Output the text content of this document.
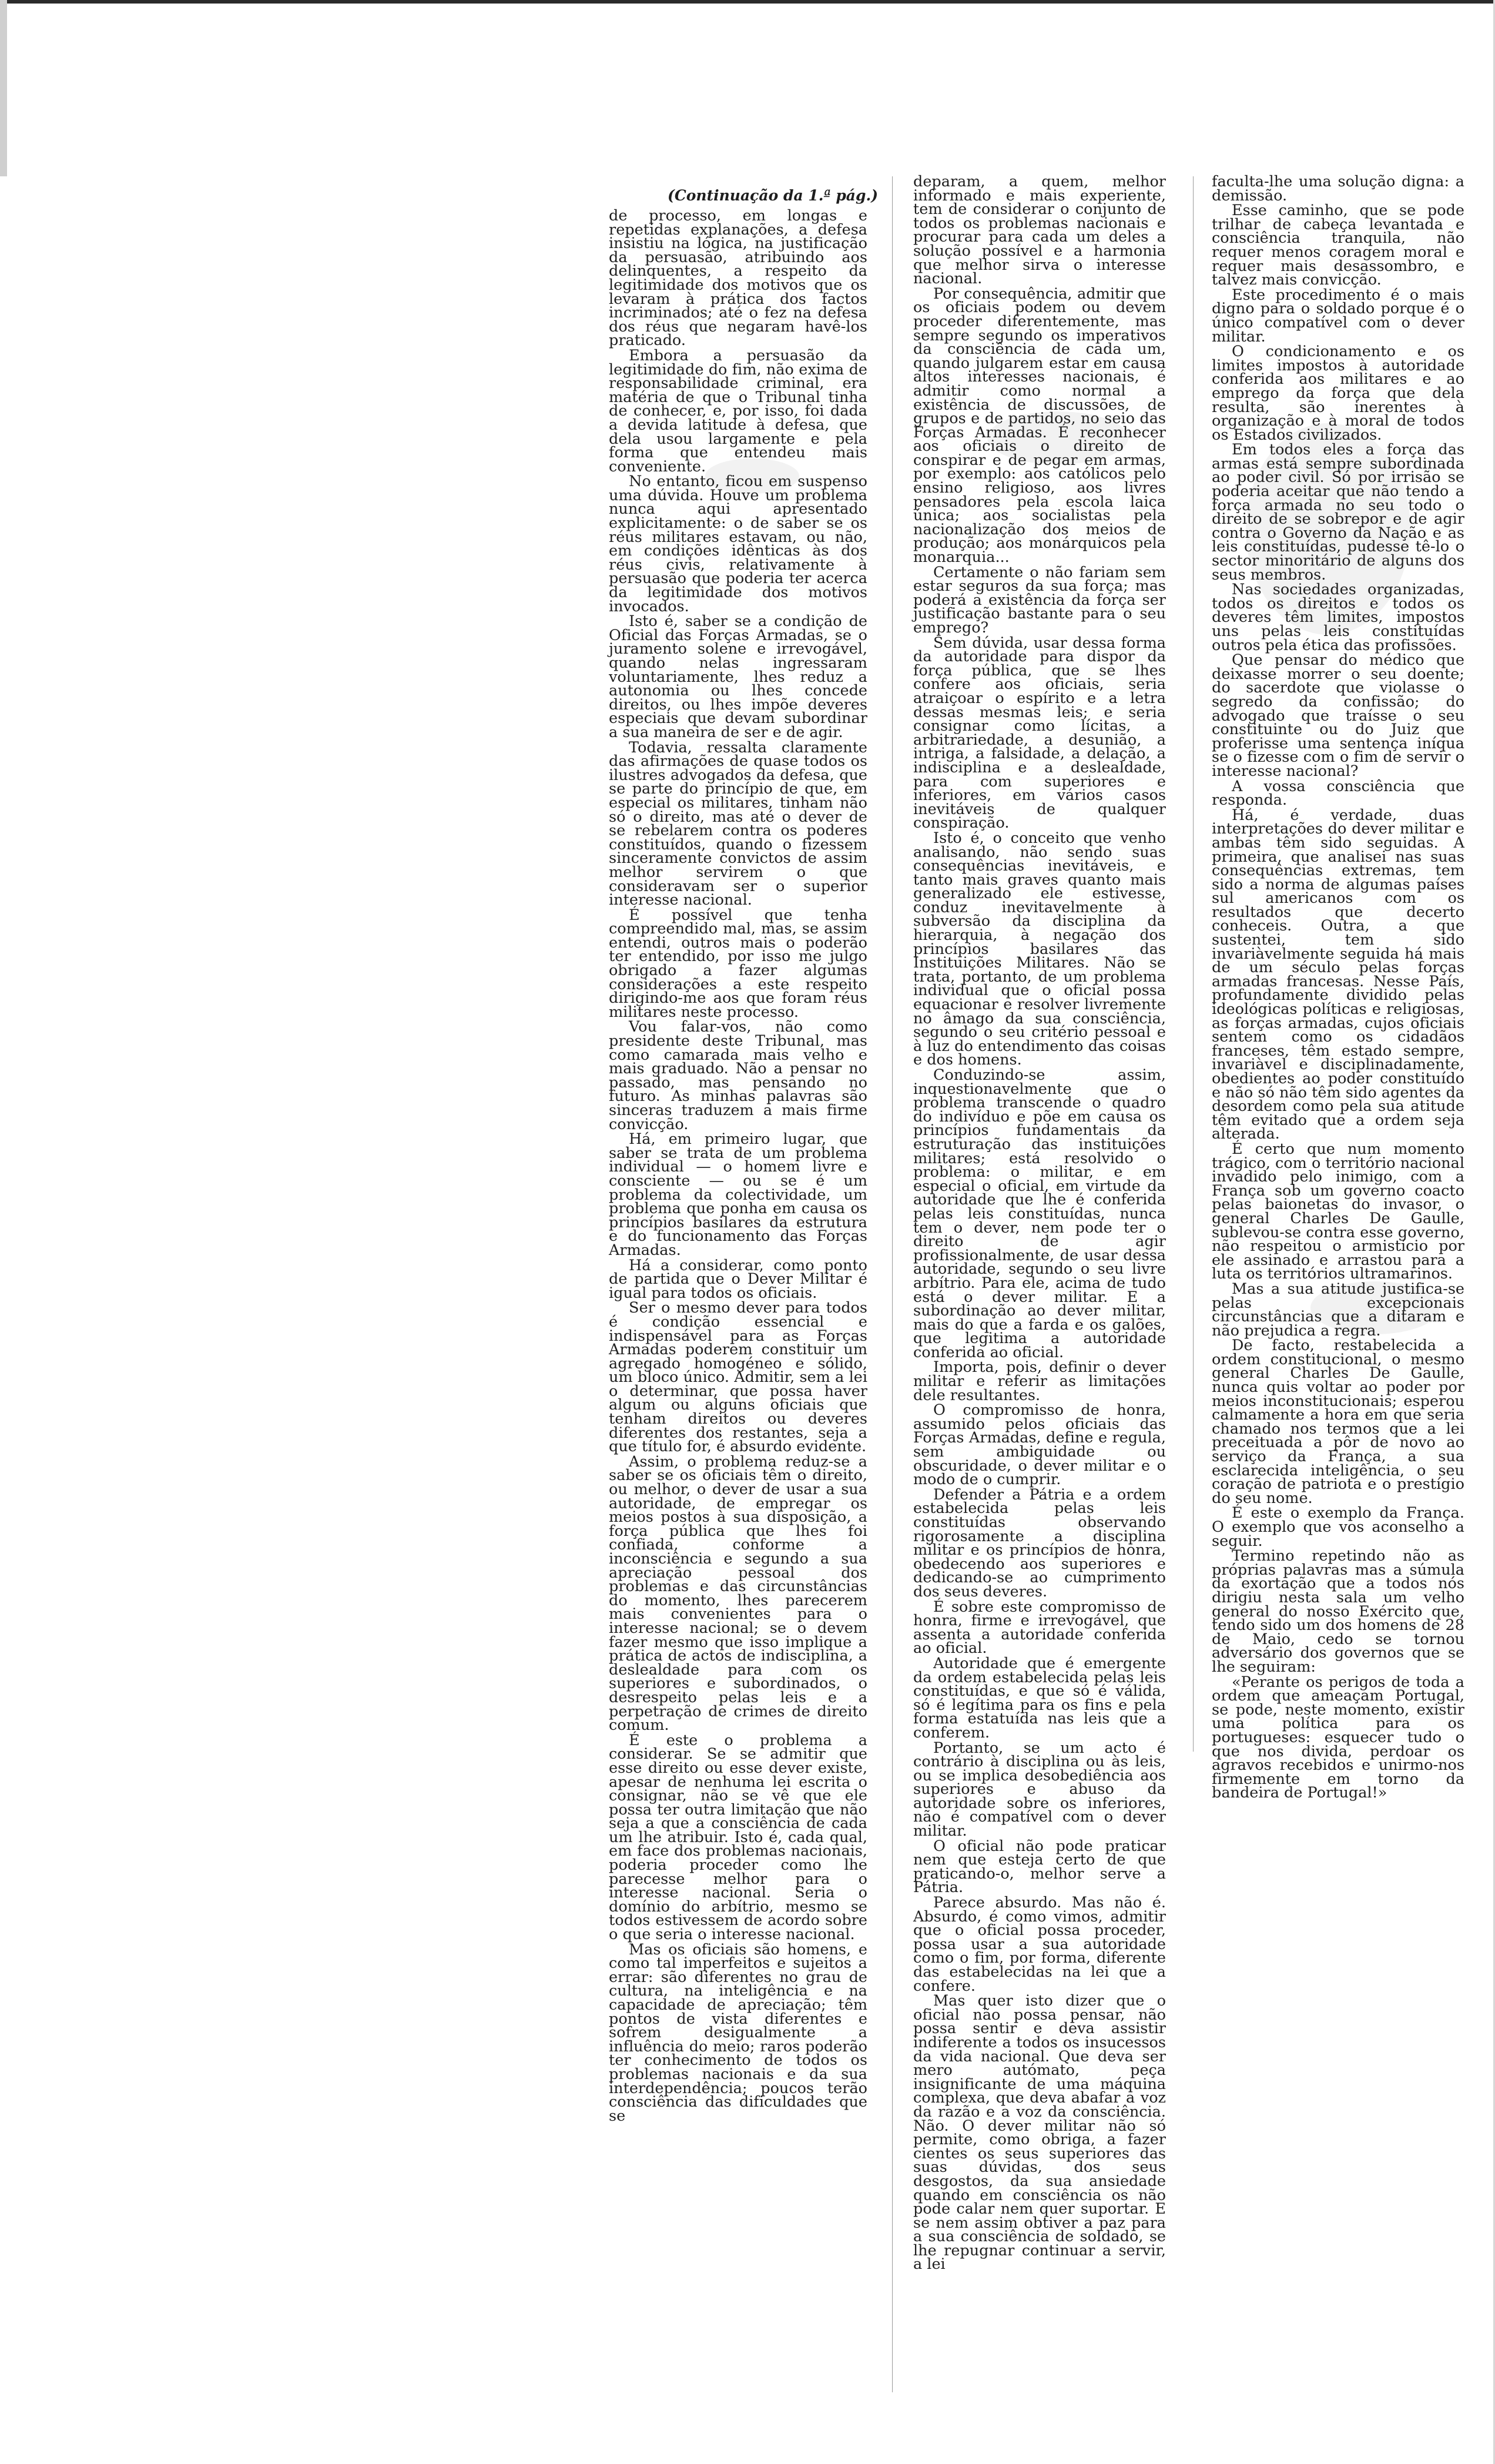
(Continuação da 1.ª pág.)

de processo, em longas e repetidas explanações, a defesa insistiu na lógica, na justificação da persuasão, atribuindo aos delinquentes, a respeito da legitimidade dos motivos que os levaram à prática dos factos incriminados; até o fez na defesa dos réus que negaram havê-los praticado.

Embora a persuasão da legitimidade do fim, não exima de responsabilidade criminal, era matéria de que o Tribunal tinha de conhecer, e, por isso, foi dada a devida latitude à defesa, que dela usou largamente e pela forma que entendeu mais conveniente.

No entanto, ficou em suspenso uma dúvida. Houve um problema nunca aqui apresentado explicitamente: o de saber se os réus militares estavam, ou não, em condições idênticas às dos réus civis, relativamente à persuasão que poderia ter acerca da legitimidade dos motivos invocados.

Isto é, saber se a condição de Oficial das Forças Armadas, se o juramento solene e irrevogável, quando nelas ingressaram voluntariamente, lhes reduz a autonomia ou lhes concede direitos, ou lhes impõe deveres especiais que devam subordinar a sua maneira de ser e de agir.

Todavia, ressalta claramente das afirmações de quase todos os ilustres advogados da defesa, que se parte do princípio de que, em especial os militares, tinham não só o direito, mas até o dever de se rebelarem contra os poderes constituídos, quando o fizessem sinceramente convictos de assim melhor servirem o que consideravam ser o superior interesse nacional.

É possível que tenha compreendido mal, mas, se assim entendi, outros mais o poderão ter entendido, por isso me julgo obrigado a fazer algumas considerações a este respeito dirigindo-me aos que foram réus militares neste processo.

Vou falar-vos, não como presidente deste Tribunal, mas como camarada mais velho e mais graduado. Não a pensar no passado, mas pensando no futuro. As minhas palavras são sinceras traduzem a mais firme convicção.

Há, em primeiro lugar, que saber se trata de um problema individual — o homem livre e consciente — ou se é um problema da colectividade, um problema que ponha em causa os princípios basilares da estrutura e do funcionamento das Forças Armadas.

Há a considerar, como ponto de partida que o Dever Militar é igual para todos os oficiais.

Ser o mesmo dever para todos é condição essencial e indispensável para as Forças Armadas poderem constituir um agregado homogéneo e sólido, um bloco único. Admitir, sem a lei o determinar, que possa haver algum ou alguns oficiais que tenham direitos ou deveres diferentes dos restantes, seja a que título for, é absurdo evidente.

Assim, o problema reduz-se a saber se os oficiais têm o direito, ou melhor, o dever de usar a sua autoridade, de empregar os meios postos à sua disposição, a força pública que lhes foi confiada, conforme a inconsciência e segundo a sua apreciação pessoal dos problemas e das circunstâncias do momento, lhes parecerem mais convenientes para o interesse nacional; se o devem fazer mesmo que isso implique a prática de actos de indisciplina, a deslealdade para com os superiores e subordinados, o desrespeito pelas leis e a perpetração de crimes de direito comum.

É este o problema a considerar. Se se admitir que esse direito ou esse dever existe, apesar de nenhuma lei escrita o consignar, não se vê que ele possa ter outra limitação que não seja a que a consciência de cada um lhe atribuir. Isto é, cada qual, em face dos problemas nacionais, poderia proceder como lhe parecesse melhor para o interesse nacional. Seria o domínio do arbítrio, mesmo se todos estivessem de acordo sobre o que seria o interesse nacional.

Mas os oficiais são homens, e como tal imperfeitos e sujeitos a errar: são diferentes no grau de cultura, na inteligência e na capacidade de apreciação; têm pontos de vista diferentes e sofrem desigualmente a influência do meio; raros poderão ter conhecimento de todos os problemas nacionais e da sua interdependência; poucos terão consciência das dificuldades que se

deparam, a quem, melhor informado e mais experiente, tem de considerar o conjunto de todos os problemas nacionais e procurar para cada um deles a solução possível e a harmonia que melhor sirva o interesse nacional.

Por consequência, admitir que os oficiais podem ou devem proceder diferentemente, mas sempre segundo os imperativos da consciência de cada um, quando julgarem estar em causa altos interesses nacionais, é admitir como normal a existência de discussões, de grupos e de partidos, no seio das Forças Armadas. É reconhecer aos oficiais o direito de conspirar e de pegar em armas, por exemplo: aos católicos pelo ensino religioso, aos livres pensadores pela escola laica única; aos socialistas pela nacionalização dos meios de produção; aos monárquicos pela monarquia...

Certamente o não fariam sem estar seguros da sua força; mas poderá a existência da força ser justificação bastante para o seu emprego?

Sem dúvida, usar dessa forma da autoridade para dispor da força pública, que se lhes confere aos oficiais, seria atraiçoar o espírito e a letra dessas mesmas leis; e seria consignar como lícitas, a arbitrariedade, a desunião, a intriga, a falsidade, a delação, a indisciplina e a deslealdade, para com superiores e inferiores, em vários casos inevitáveis de qualquer conspiração.

Isto é, o conceito que venho analisando, não sendo suas consequências inevitáveis, e tanto mais graves quanto mais generalizado ele estivesse, conduz inevitavelmente à subversão da disciplina da hierarquia, à negação dos princípios basilares das Instituições Militares. Não se trata, portanto, de um problema individual que o oficial possa equacionar e resolver livremente no âmago da sua consciência, segundo o seu critério pessoal e à luz do entendimento das coisas e dos homens.

Conduzindo-se assim, inquestionavelmente que o problema transcende o quadro do indivíduo e põe em causa os princípios fundamentais da estruturação das instituições militares; está resolvido o problema: o militar, e em especial o oficial, em virtude da autoridade que lhe é conferida pelas leis constituídas, nunca tem o dever, nem pode ter o direito de agir profissionalmente, de usar dessa autoridade, segundo o seu livre arbítrio. Para ele, acima de tudo está o dever militar. E a subordinação ao dever militar, mais do que a farda e os galões, que legitima a autoridade conferida ao oficial.

Importa, pois, definir o dever militar e referir as limitações dele resultantes.

O compromisso de honra, assumido pelos oficiais das Forças Armadas, define e regula, sem ambiguidade ou obscuridade, o dever militar e o modo de o cumprir.

Defender a Pátria e a ordem estabelecida pelas leis constituídas observando rigorosamente a disciplina militar e os princípios de honra, obedecendo aos superiores e dedicando-se ao cumprimento dos seus deveres.

É sobre este compromisso de honra, firme e irrevogável, que assenta a autoridade conferida ao oficial.

Autoridade que é emergente da ordem estabelecida pelas leis constituídas, e que só é válida, só é legítima para os fins e pela forma estatuída nas leis que a conferem.

Portanto, se um acto é contrário à disciplina ou às leis, ou se implica desobediência aos superiores e abuso da autoridade sobre os inferiores, não é compatível com o dever militar.

O oficial não pode praticar nem que esteja certo de que praticando-o, melhor serve a Pátria.

Parece absurdo. Mas não é. Absurdo, é como vimos, admitir que o oficial possa proceder, possa usar a sua autoridade como o fim, por forma, diferente das estabelecidas na lei que a confere.

Mas quer isto dizer que o oficial não possa pensar, não possa sentir e deva assistir indiferente a todos os insucessos da vida nacional. Que deva ser mero autómato, peça insignificante de uma máquina complexa, que deva abafar a voz da razão e a voz da consciência. Não. O dever militar não só permite, como obriga, a fazer cientes os seus superiores das suas dúvidas, dos seus desgostos, da sua ansiedade quando em consciência os não pode calar nem quer suportar. E se nem assim obtiver a paz para a sua consciência de soldado, se lhe repugnar continuar a servir, a lei

faculta-lhe uma solução digna: a demissão.

Esse caminho, que se pode trilhar de cabeça levantada e consciência tranquila, não requer menos coragem moral e requer mais desassombro, e talvez mais convicção.

Este procedimento é o mais digno para o soldado porque é o único compatível com o dever militar.

O condicionamento e os limites impostos à autoridade conferida aos militares e ao emprego da força que dela resulta, são inerentes à organização e à moral de todos os Estados civilizados.

Em todos eles a força das armas está sempre subordinada ao poder civil. Só por irrisão se poderia aceitar que não tendo a força armada no seu todo o direito de se sobrepor e de agir contra o Governo da Nação e as leis constituídas, pudesse tê-lo o sector minoritário de alguns dos seus membros.

Nas sociedades organizadas, todos os direitos e todos os deveres têm limites, impostos uns pelas leis constituídas outros pela ética das profissões.

Que pensar do médico que deixasse morrer o seu doente; do sacerdote que violasse o segredo da confissão; do advogado que traísse o seu constituinte ou do Juiz que proferisse uma sentença iníqua se o fizesse com o fim de servir o interesse nacional?

A vossa consciência que responda.

Há, é verdade, duas interpretações do dever militar e ambas têm sido seguidas. A primeira, que analisei nas suas consequências extremas, tem sido a norma de algumas países sul americanos com os resultados que decerto conheceis. Outra, a que sustentei, tem sido invariàvelmente seguida há mais de um século pelas forças armadas francesas. Nesse País, profundamente dividido pelas ideológicas políticas e religiosas, as forças armadas, cujos oficiais sentem como os cidadãos franceses, têm estado sempre, invariàvel e disciplinadamente, obedientes ao poder constituído e não só não têm sido agentes da desordem como pela sua atitude têm evitado que a ordem seja alterada.

É certo que num momento trágico, com o território nacional invadido pelo inimigo, com a França sob um governo coacto pelas baionetas do invasor, o general Charles De Gaulle, sublevou-se contra esse governo, não respeitou o armistício por ele assinado e arrastou para a luta os territórios ultramarinos.

Mas a sua atitude justifica-se pelas excepcionais circunstâncias que a ditaram e não prejudica a regra.

De facto, restabelecida a ordem constitucional, o mesmo general Charles De Gaulle, nunca quis voltar ao poder por meios inconstitucionais; esperou calmamente a hora em que seria chamado nos termos que a lei preceituada a pôr de novo ao serviço da França, a sua esclarecida inteligência, o seu coração de patriota e o prestígio do seu nome.

É este o exemplo da França. O exemplo que vos aconselho a seguir.

Termino repetindo não as próprias palavras mas a súmula da exortação que a todos nós dirigiu nesta sala um velho general do nosso Exército que, tendo sido um dos homens de 28 de Maio, cedo se tornou adversário dos governos que se lhe seguiram:

«Perante os perigos de toda a ordem que ameaçam Portugal, se pode, neste momento, existir uma política para os portugueses: esquecer tudo o que nos divida, perdoar os agravos recebidos e unirmo-nos firmemente em torno da bandeira de Portugal!»
